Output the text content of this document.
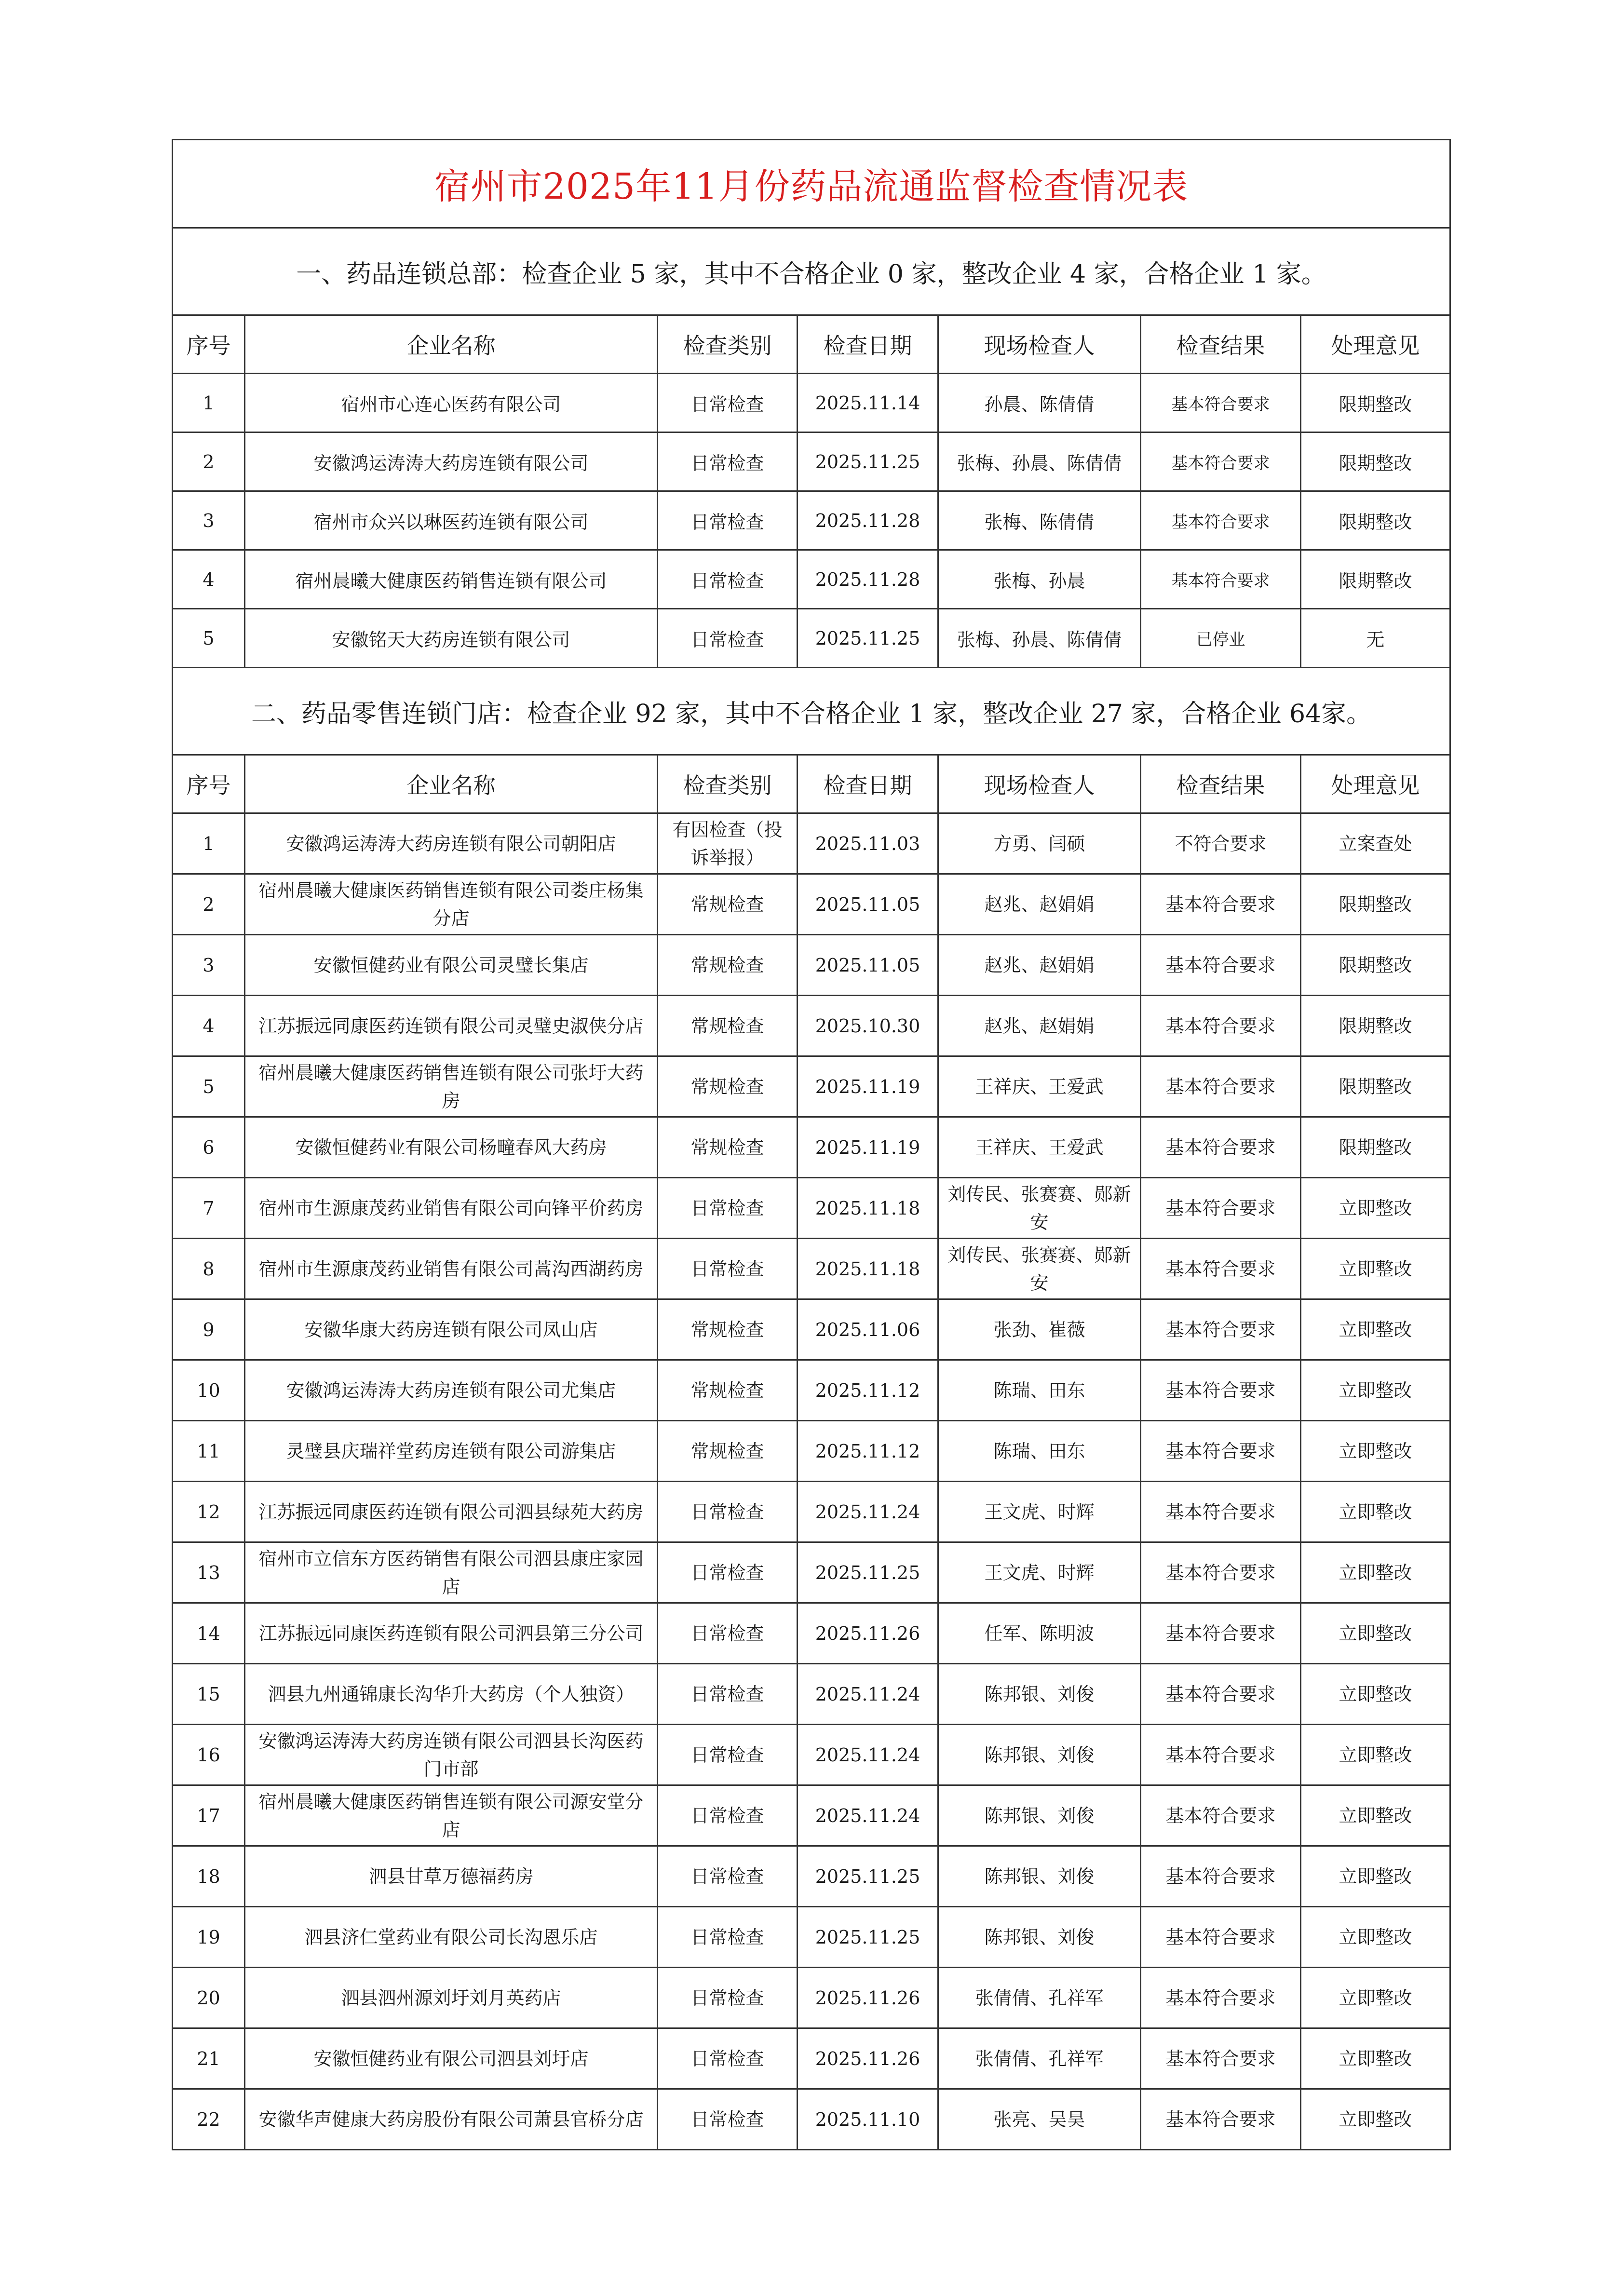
宿州市2025年11月份药品流通监督检查情况表						
一、药品连锁总部：检查企业 5 家，其中不合格企业 0 家，整改企业 4 家，合格企业 1 家。						
序号	企业名称	检查类别	检查日期	现场检查人	检查结果	处理意见
1	宿州市心连心医药有限公司	日常检查	2025.11.14	孙晨、陈倩倩	基本符合要求	限期整改
2	安徽鸿运涛涛大药房连锁有限公司	日常检查	2025.11.25	张梅、孙晨、陈倩倩	基本符合要求	限期整改
3	宿州市众兴以琳医药连锁有限公司	日常检查	2025.11.28	张梅、陈倩倩	基本符合要求	限期整改
4	宿州晨曦大健康医药销售连锁有限公司	日常检查	2025.11.28	张梅、孙晨	基本符合要求	限期整改
5	安徽铭天大药房连锁有限公司	日常检查	2025.11.25	张梅、孙晨、陈倩倩	已停业	无
二、药品零售连锁门店：检查企业 92 家，其中不合格企业 1 家，整改企业 27 家，合格企业 64家。						
序号	企业名称	检查类别	检查日期	现场检查人	检查结果	处理意见
1	安徽鸿运涛涛大药房连锁有限公司朝阳店	有因检查（投诉举报）	2025.11.03	方勇、闫硕	不符合要求	立案查处
2	宿州晨曦大健康医药销售连锁有限公司娄庄杨集分店	常规检查	2025.11.05	赵兆、赵娟娟	基本符合要求	限期整改
3	安徽恒健药业有限公司灵璧长集店	常规检查	2025.11.05	赵兆、赵娟娟	基本符合要求	限期整改
4	江苏振远同康医药连锁有限公司灵璧史淑侠分店	常规检查	2025.10.30	赵兆、赵娟娟	基本符合要求	限期整改
5	宿州晨曦大健康医药销售连锁有限公司张圩大药房	常规检查	2025.11.19	王祥庆、王爱武	基本符合要求	限期整改
6	安徽恒健药业有限公司杨疃春风大药房	常规检查	2025.11.19	王祥庆、王爱武	基本符合要求	限期整改
7	宿州市生源康茂药业销售有限公司向锋平价药房	日常检查	2025.11.18	刘传民、张赛赛、郧新安	基本符合要求	立即整改
8	宿州市生源康茂药业销售有限公司蒿沟西湖药房	日常检查	2025.11.18	刘传民、张赛赛、郧新安	基本符合要求	立即整改
9	安徽华康大药房连锁有限公司凤山店	常规检查	2025.11.06	张劲、崔薇	基本符合要求	立即整改
10	安徽鸿运涛涛大药房连锁有限公司尤集店	常规检查	2025.11.12	陈瑞、田东	基本符合要求	立即整改
11	灵璧县庆瑞祥堂药房连锁有限公司游集店	常规检查	2025.11.12	陈瑞、田东	基本符合要求	立即整改
12	江苏振远同康医药连锁有限公司泗县绿苑大药房	日常检查	2025.11.24	王文虎、时辉	基本符合要求	立即整改
13	宿州市立信东方医药销售有限公司泗县康庄家园店	日常检查	2025.11.25	王文虎、时辉	基本符合要求	立即整改
14	江苏振远同康医药连锁有限公司泗县第三分公司	日常检查	2025.11.26	任军、陈明波	基本符合要求	立即整改
15	泗县九州通锦康长沟华升大药房（个人独资）	日常检查	2025.11.24	陈邦银、刘俊	基本符合要求	立即整改
16	安徽鸿运涛涛大药房连锁有限公司泗县长沟医药门市部	日常检查	2025.11.24	陈邦银、刘俊	基本符合要求	立即整改
17	宿州晨曦大健康医药销售连锁有限公司源安堂分店	日常检查	2025.11.24	陈邦银、刘俊	基本符合要求	立即整改
18	泗县甘草万德福药房	日常检查	2025.11.25	陈邦银、刘俊	基本符合要求	立即整改
19	泗县济仁堂药业有限公司长沟恩乐店	日常检查	2025.11.25	陈邦银、刘俊	基本符合要求	立即整改
20	泗县泗州源刘圩刘月英药店	日常检查	2025.11.26	张倩倩、孔祥军	基本符合要求	立即整改
21	安徽恒健药业有限公司泗县刘圩店	日常检查	2025.11.26	张倩倩、孔祥军	基本符合要求	立即整改
22	安徽华声健康大药房股份有限公司萧县官桥分店	日常检查	2025.11.10	张亮、吴昊	基本符合要求	立即整改
